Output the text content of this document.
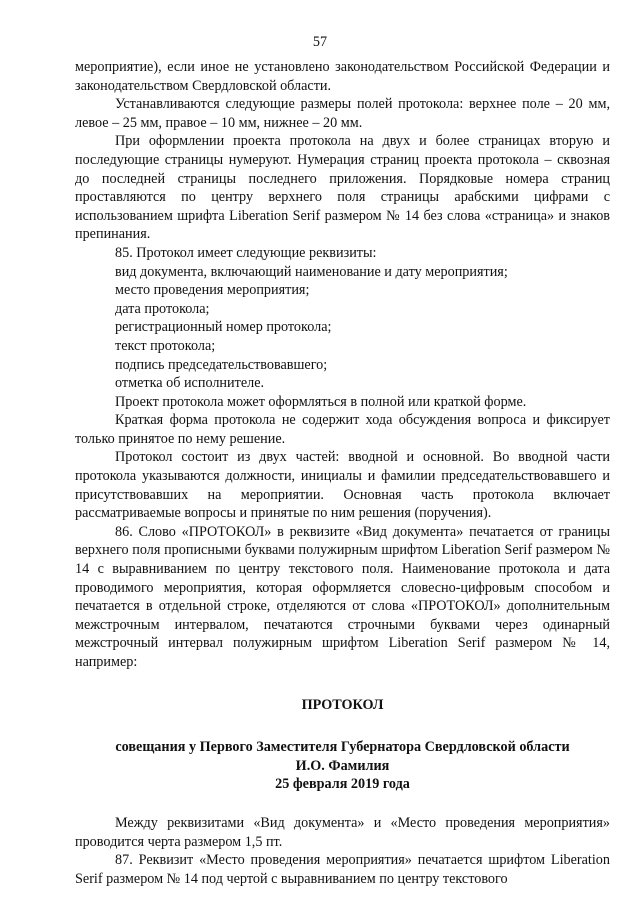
57

мероприятие), если иное не установлено законодательством Российской Федерации и законодательством Свердловской области.

Устанавливаются следующие размеры полей протокола: верхнее поле – 20 мм, левое – 25 мм, правое – 10 мм, нижнее – 20 мм.

При оформлении проекта протокола на двух и более страницах вторую и последующие страницы нумеруют. Нумерация страниц проекта протокола – сквозная до последней страницы последнего приложения. Порядковые номера страниц проставляются по центру верхнего поля страницы арабскими цифрами с использованием шрифта Liberation Serif размером № 14 без слова «страница» и знаков препинания.

85. Протокол имеет следующие реквизиты:

вид документа, включающий наименование и дату мероприятия;

место проведения мероприятия;

дата протокола;

регистрационный номер протокола;

текст протокола;

подпись председательствовавшего;

отметка об исполнителе.

Проект протокола может оформляться в полной или краткой форме.

Краткая форма протокола не содержит хода обсуждения вопроса и фиксирует только принятое по нему решение.

Протокол состоит из двух частей: вводной и основной. Во вводной части протокола указываются должности, инициалы и фамилии председательствовавшего и присутствовавших на мероприятии. Основная часть протокола включает рассматриваемые вопросы и принятые по ним решения (поручения).

86. Слово «ПРОТОКОЛ» в реквизите «Вид документа» печатается от границы верхнего поля прописными буквами полужирным шрифтом Liberation Serif размером № 14 с выравниванием по центру текстового поля. Наименование протокола и дата проводимого мероприятия, которая оформляется словесно-цифровым способом и печатается в отдельной строке, отделяются от слова «ПРОТОКОЛ» дополнительным межстрочным интервалом, печатаются строчными буквами через одинарный межстрочный интервал полужирным шрифтом Liberation Serif размером № 14, например:

ПРОТОКОЛ

совещания у Первого Заместителя Губернатора Свердловской области

И.О. Фамилия

25 февраля 2019 года

Между реквизитами «Вид документа» и «Место проведения мероприятия» проводится черта размером 1,5 пт.

87. Реквизит «Место проведения мероприятия» печатается шрифтом Liberation Serif размером № 14 под чертой с выравниванием по центру текстового
